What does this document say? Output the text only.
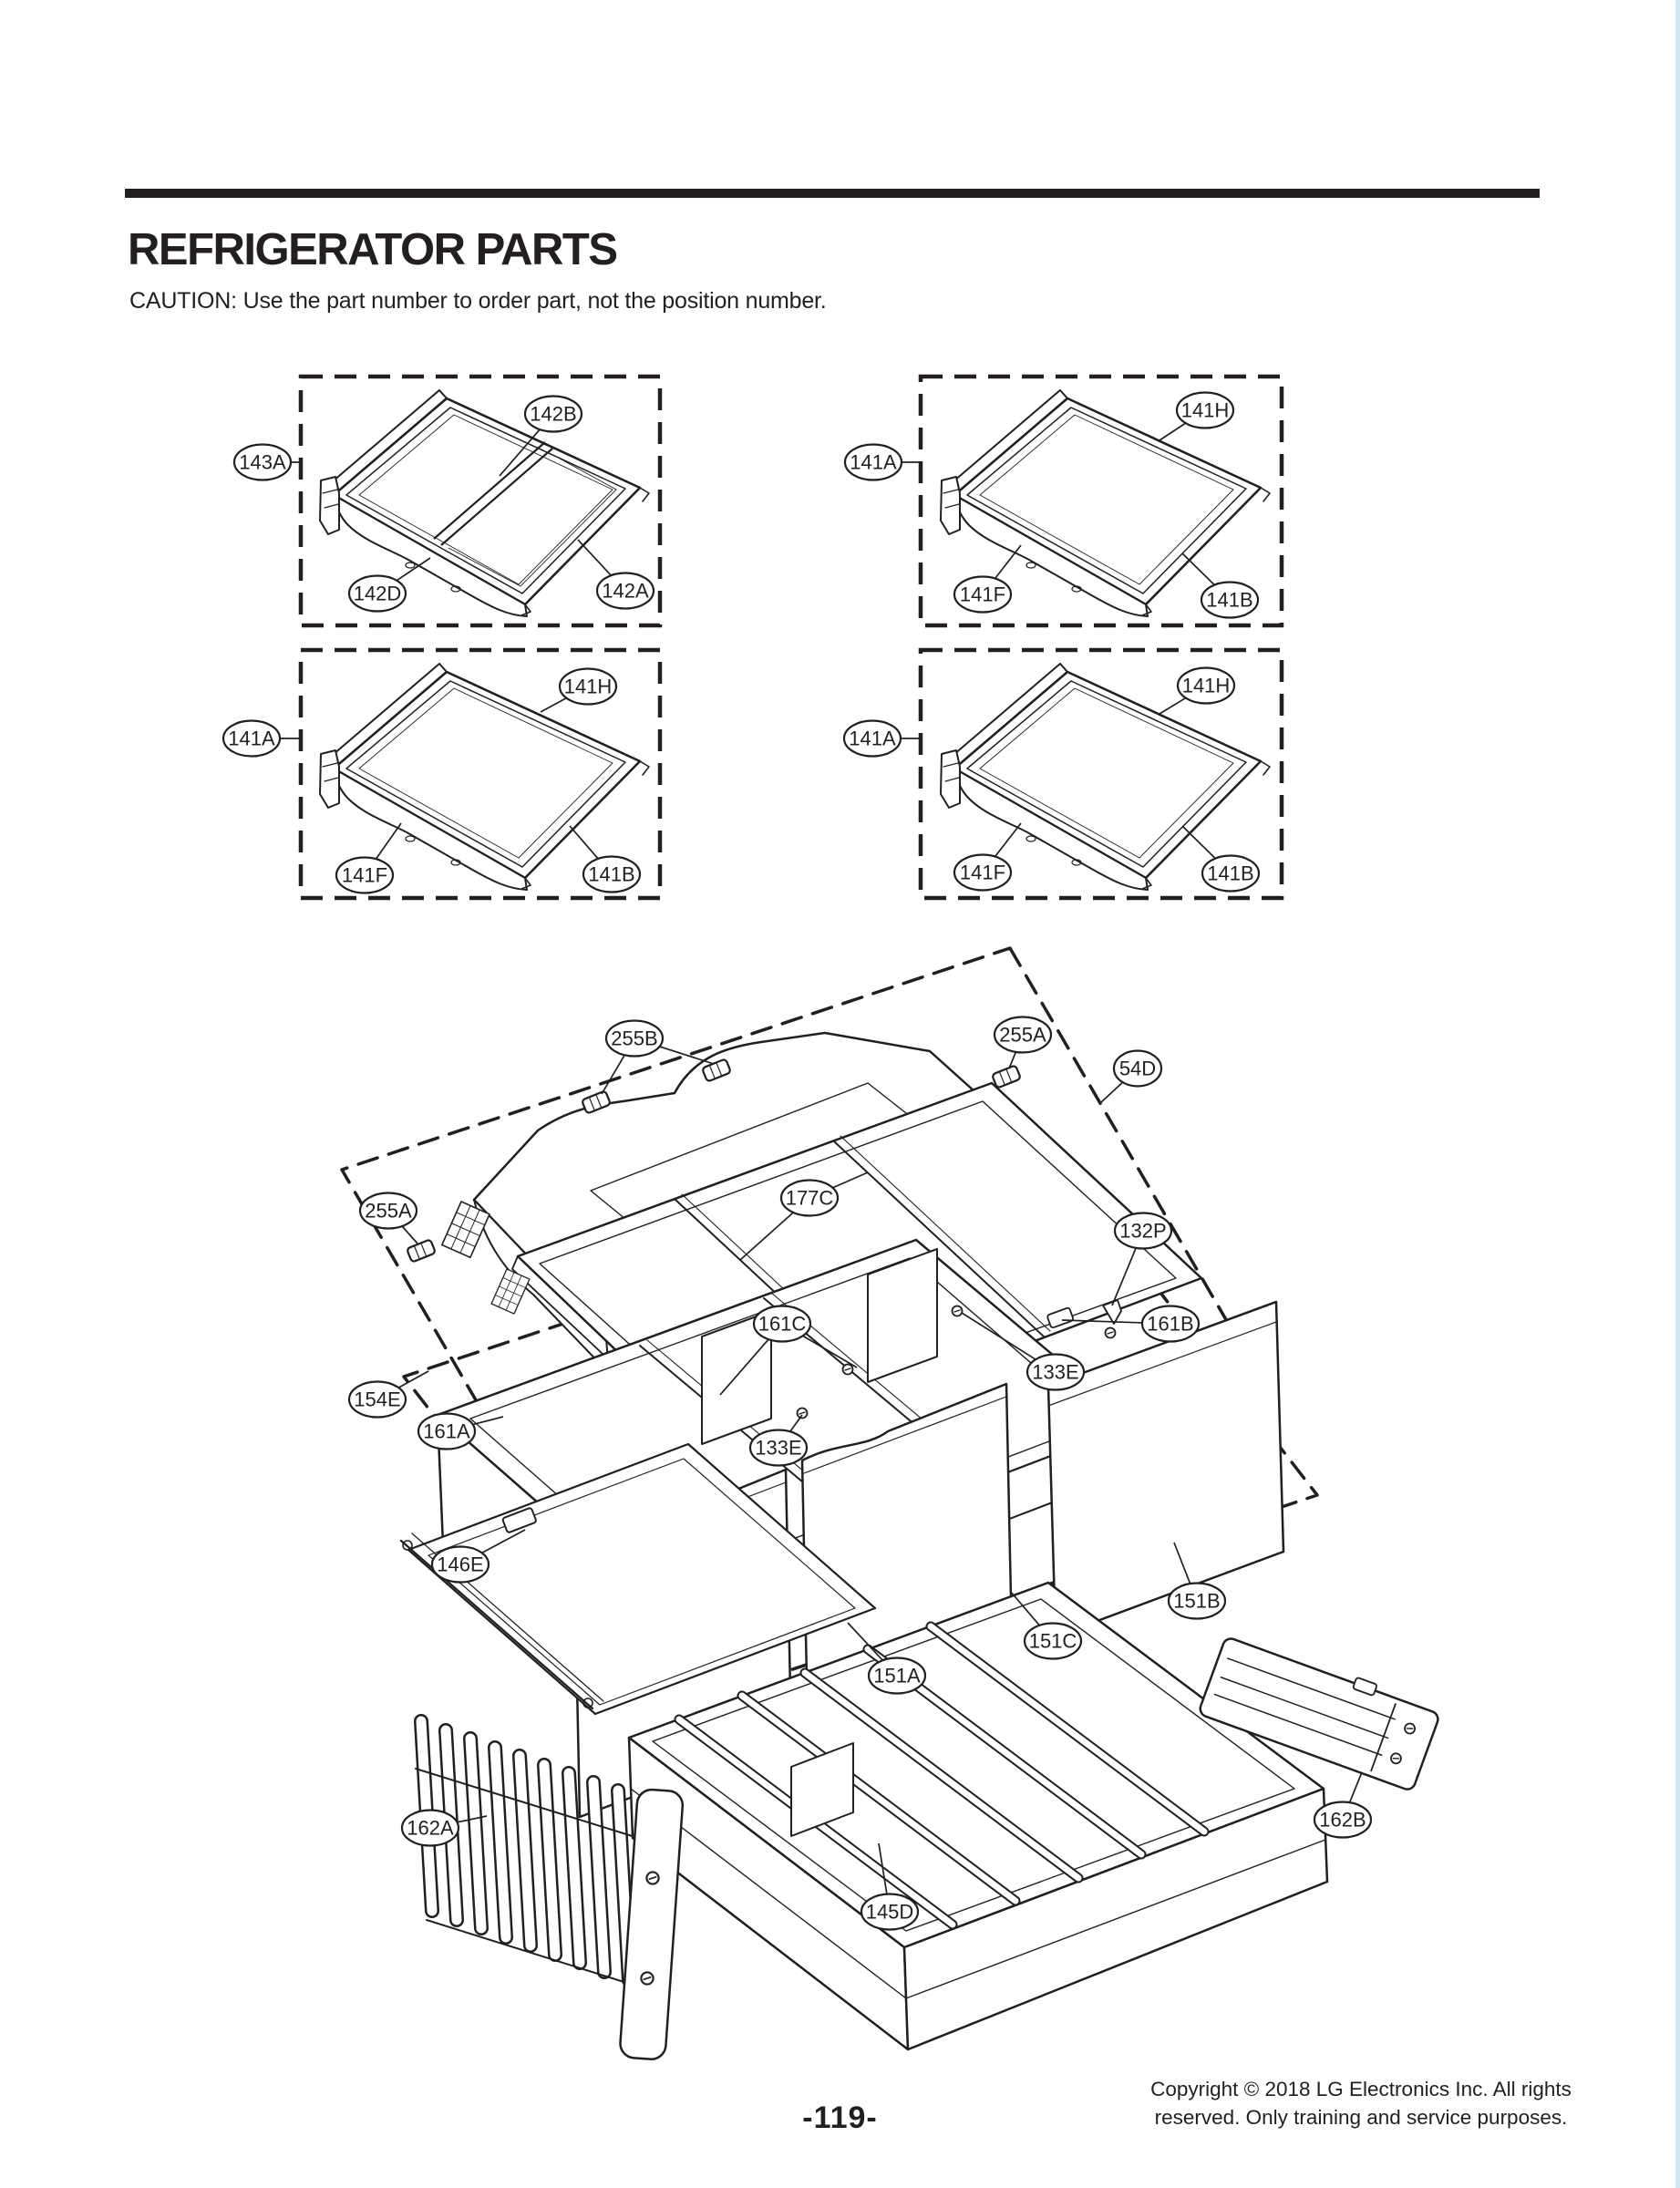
REFRIGERATOR PARTS
CAUTION: Use the part number to order part, not the position number.
143A
142B
142D	142A
141A
141H
141F	141B
141A
141H
141F	141B
141A
141H
141F	141B
255B	255A
54D
177C
255A
132P
161C	161B
133E
154E
161A
133E
146E
151B
151C
151A
162B
162A
145D
-119-
Copyright © 2018 LG Electronics Inc. All rights
reserved. Only training and service purposes.
